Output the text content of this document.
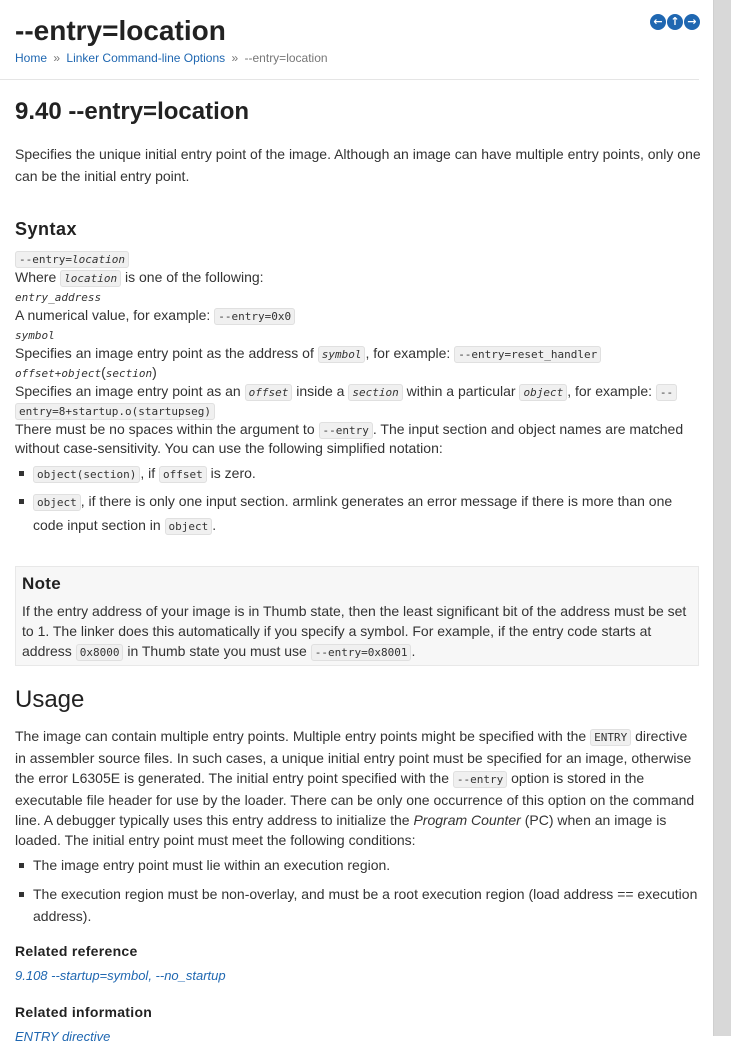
--entry=location
Home » Linker Command-line Options » --entry=location
9.40 --entry=location

Specifies the unique initial entry point of the image. Although an image can have multiple entry points, only one can be the initial entry point.

Syntax
--entry=location
Where location is one of the following:
entry_address
A numerical value, for example: --entry=0x0
symbol
Specifies an image entry point as the address of symbol , for example: --entry=reset_handler
offset+object(section)
Specifies an image entry point as an offset inside a section within a particular object , for example: --
entry=8+startup.o(startupseg)
There must be no spaces within the argument to --entry . The input section and object names are matched
without case-sensitivity. You can use the following simplified notation:
object(section) , if offset is zero.
object , if there is only one input section. armlink generates an error message if there is more than one code input section in object .
Note

If the entry address of your image is in Thumb state, then the least significant bit of the address must be set to 1. The linker does this automatically if you specify a symbol. For example, if the entry code starts at address 0x8000 in Thumb state you must use --entry=0x8001 .

Usage

The image can contain multiple entry points. Multiple entry points might be specified with the ENTRY directive in assembler source files. In such cases, a unique initial entry point must be specified for an image, otherwise the error L6305E is generated. The initial entry point specified with the --entry option is stored in the executable file header for use by the loader. There can be only one occurrence of this option on the command line. A debugger typically uses this entry address to initialize the Program Counter (PC) when an image is loaded. The initial entry point must meet the following conditions:

The image entry point must lie within an execution region.
The execution region must be non-overlay, and must be a root execution region (load address == execution address).
Related reference
9.108 --startup=symbol, --no_startup
Related information
ENTRY directive
← ↑ →
